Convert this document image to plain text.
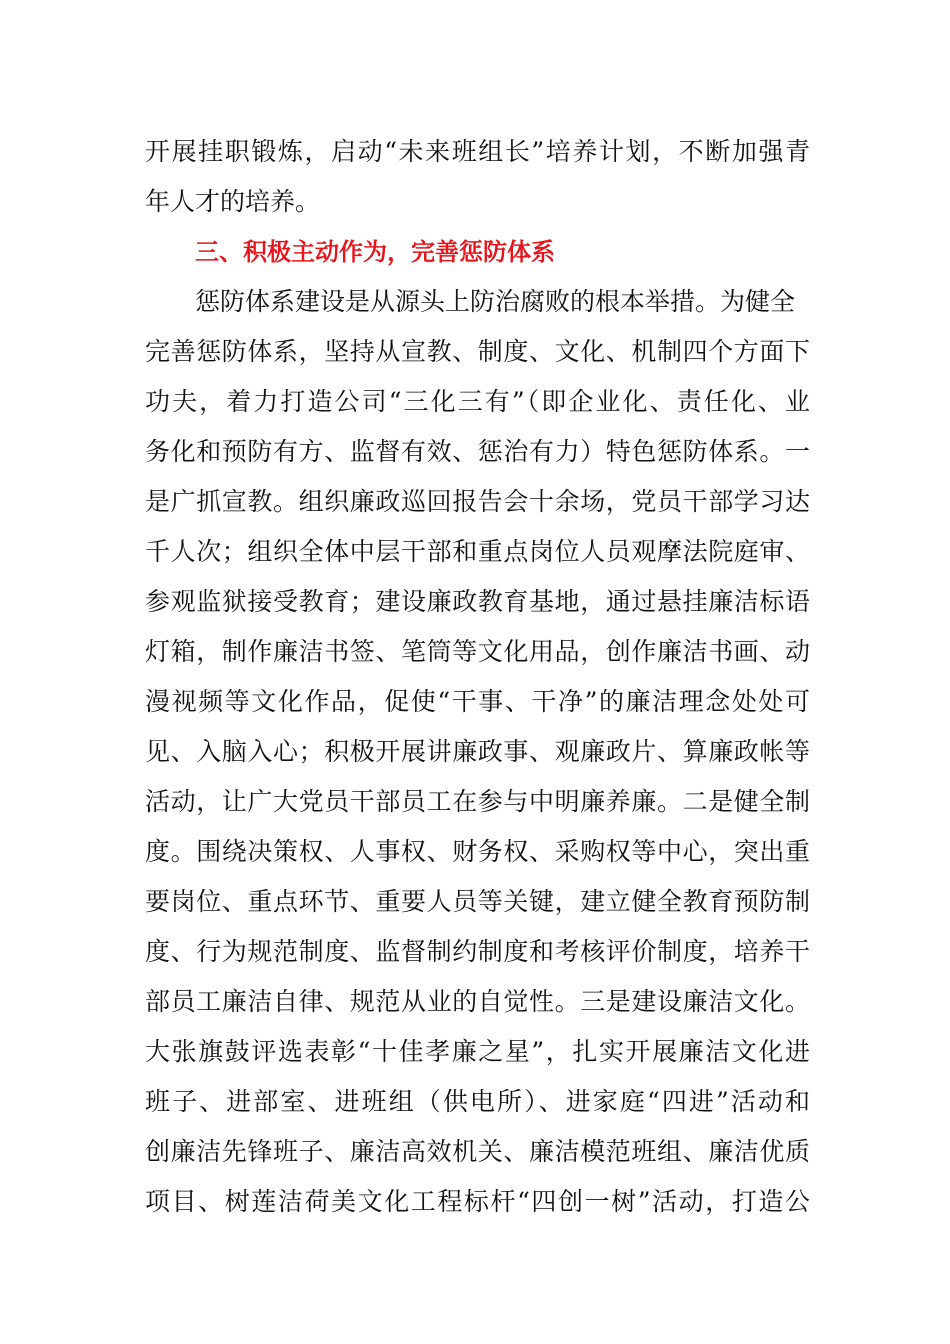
开展挂职锻炼，启动“未来班组长”培养计划，不断加强青
年人才的培养。
三、积极主动作为，完善惩防体系
惩防体系建设是从源头上防治腐败的根本举措。为健全
完善惩防体系，坚持从宣教、制度、文化、机制四个方面下
功夫，着力打造公司“三化三有”（即企业化、责任化、业
务化和预防有方、监督有效、惩治有力）特色惩防体系。一
是广抓宣教。组织廉政巡回报告会十余场，党员干部学习达
千人次；组织全体中层干部和重点岗位人员观摩法院庭审、
参观监狱接受教育；建设廉政教育基地，通过悬挂廉洁标语
灯箱，制作廉洁书签、笔筒等文化用品，创作廉洁书画、动
漫视频等文化作品，促使“干事、干净”的廉洁理念处处可
见、入脑入心；积极开展讲廉政事、观廉政片、算廉政帐等
活动，让广大党员干部员工在参与中明廉养廉。二是健全制
度。围绕决策权、人事权、财务权、采购权等中心，突出重
要岗位、重点环节、重要人员等关键，建立健全教育预防制
度、行为规范制度、监督制约制度和考核评价制度，培养干
部员工廉洁自律、规范从业的自觉性。三是建设廉洁文化。
大张旗鼓评选表彰“十佳孝廉之星”，扎实开展廉洁文化进
班子、进部室、进班组（供电所）、进家庭“四进”活动和
创廉洁先锋班子、廉洁高效机关、廉洁模范班组、廉洁优质
项目、树莲洁荷美文化工程标杆“四创一树”活动，打造公
